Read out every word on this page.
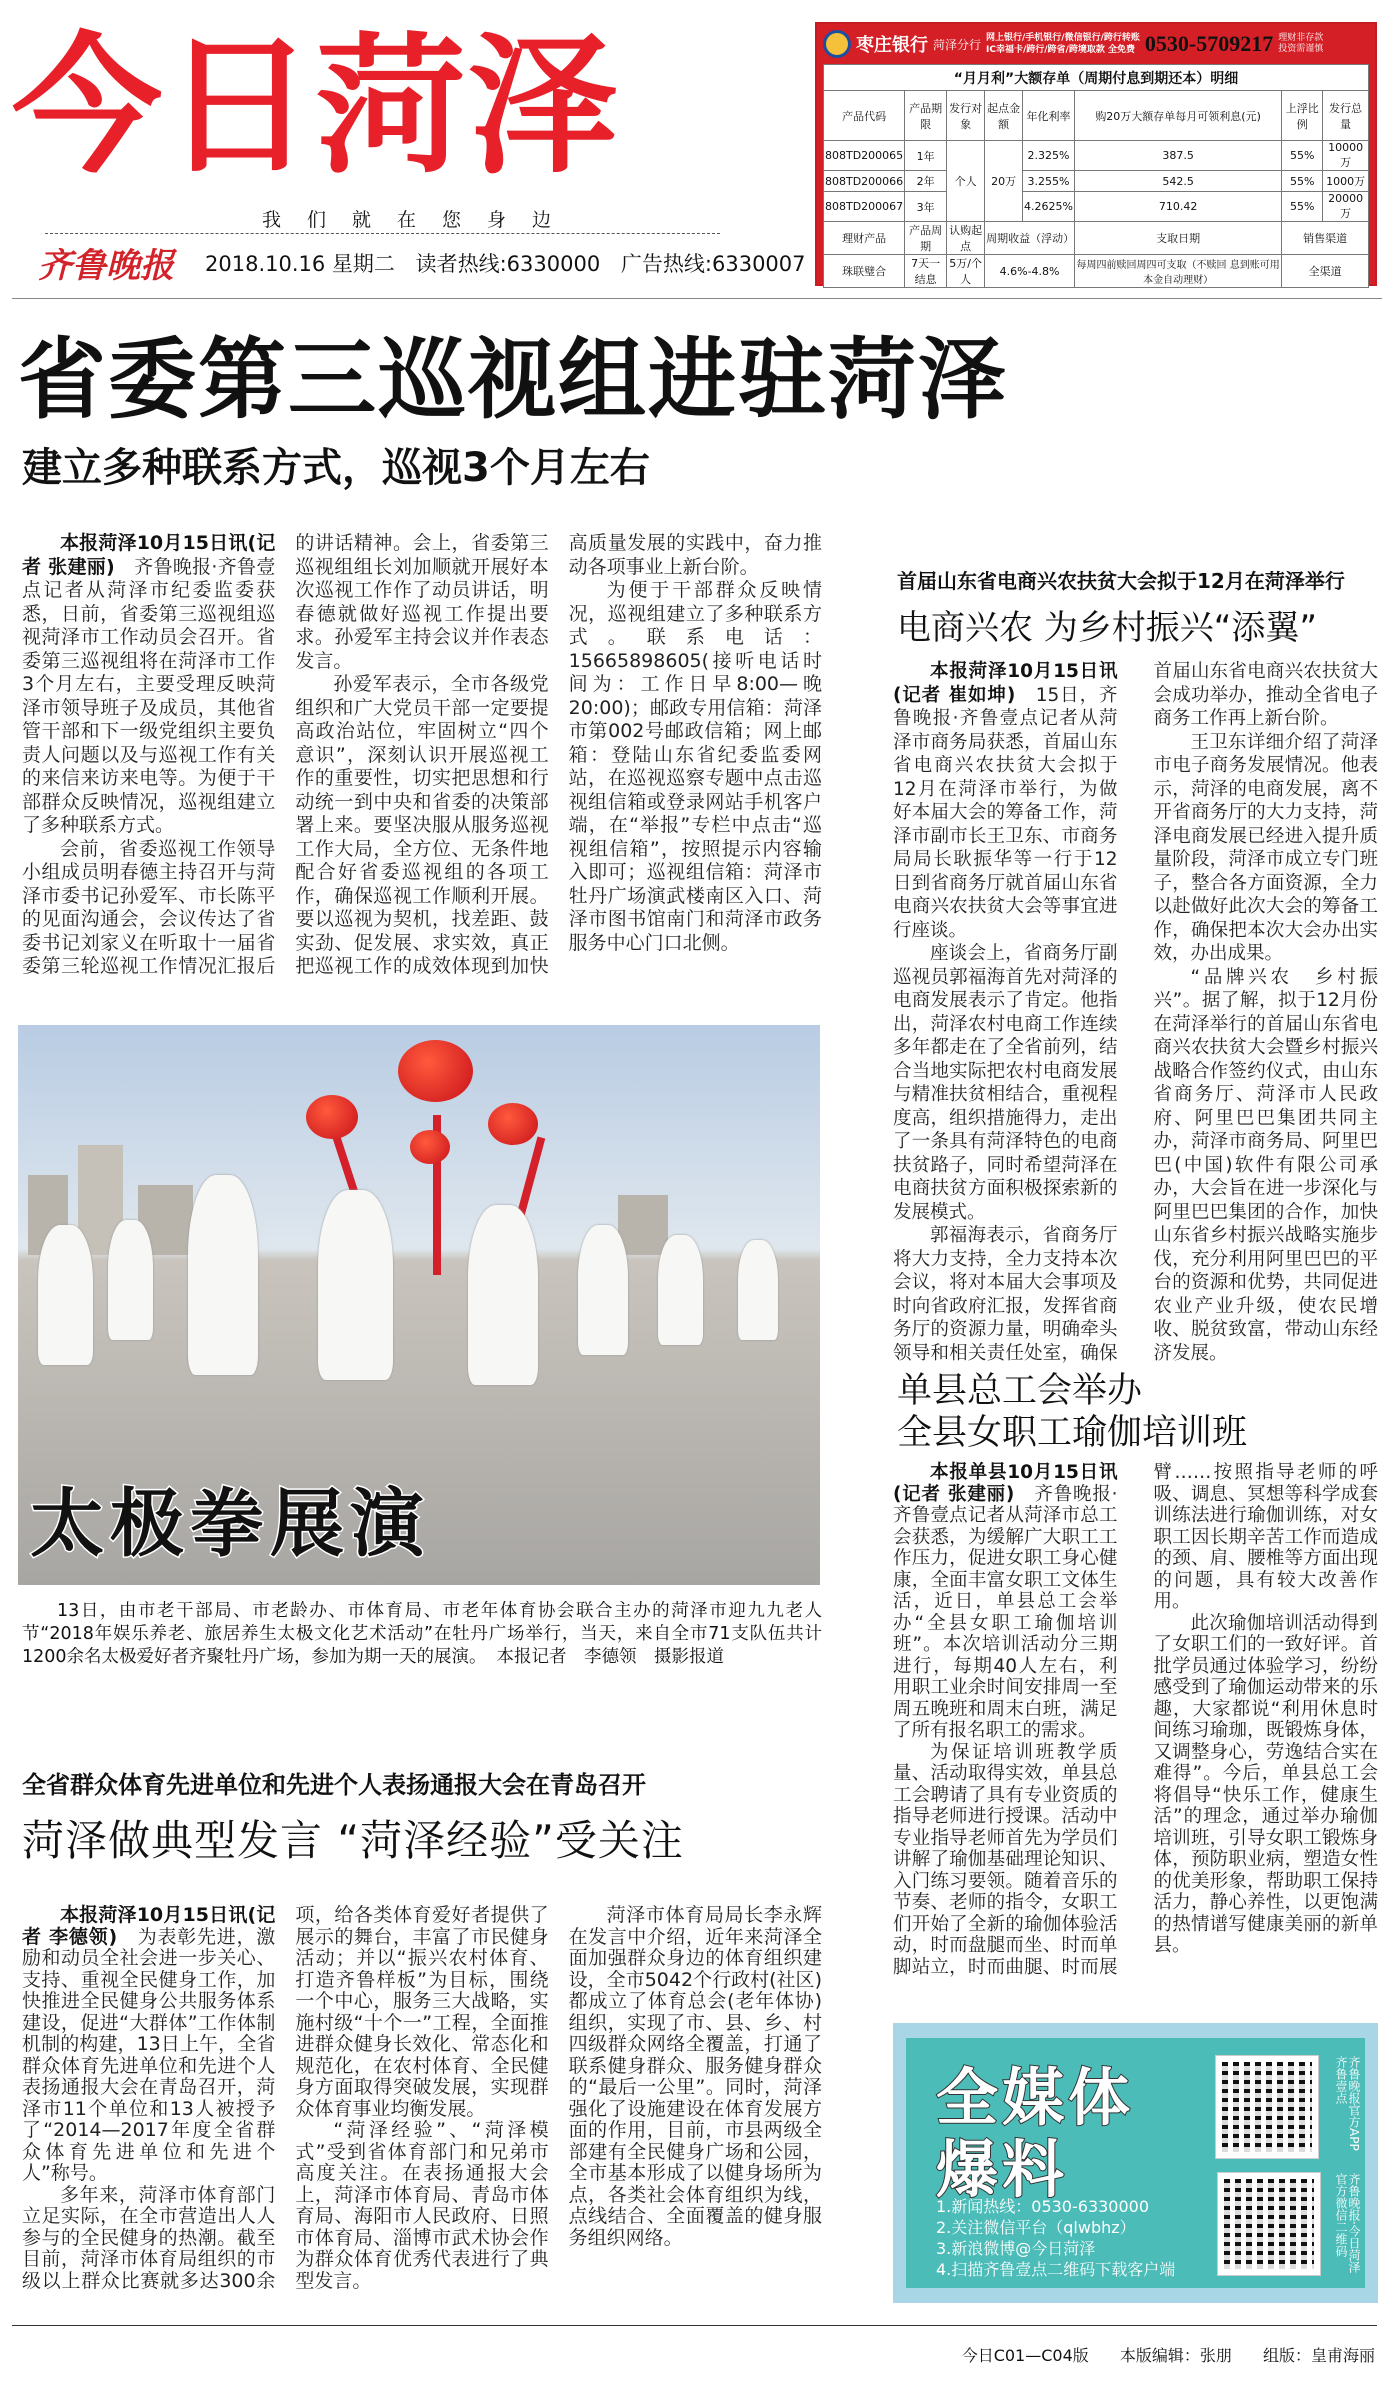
今日菏泽
我们就在您身边
齐鲁晚报 2018.10.16 星期二 读者热线:6330000 广告热线:6330007
枣庄银行 菏泽分行 网上银行/手机银行/微信银行/跨行转账
IC幸福卡/跨行/跨省/跨境取款 全免费 0530-5709217 理财非存款 投资需谨慎
“月月利”大额存单（周期付息到期还本）明细							
产品代码	产品期限	发行对象	起点金额	年化利率	购20万大额存单每月可领利息(元)	上浮比例	发行总量
808TD200065	1年	个人	20万	2.325%	387.5	55%	10000万
808TD200066	2年			3.255%	542.5	55%	1000万
808TD200067	3年			4.2625%	710.42	55%	20000万
理财产品	产品周期	认购起点	周期收益（浮动）		支取日期	销售渠道	
珠联璧合	7天一结息	5万/个人	4.6%-4.8%		每周四前赎回周四可支取（不赎回 息到账可用 本金自动理财）	全渠道	
省委第三巡视组进驻菏泽
建立多种联系方式，巡视3个月左右

本报菏泽10月15日讯(记者 张建丽)　 齐鲁晚报·齐鲁壹点记者从菏泽市纪委监委获悉，日前，省委第三巡视组巡视菏泽市工作动员会召开。省委第三巡视组将在菏泽市工作3个月左右，主要受理反映菏泽市领导班子及成员，其他省管干部和下一级党组织主要负责人问题以及与巡视工作有关的来信来访来电等。为便于干部群众反映情况，巡视组建立了多种联系方式。

会前，省委巡视工作领导小组成员明春德主持召开与菏泽市委书记孙爱军、市长陈平的见面沟通会，会议传达了省委书记刘家义在听取十一届省委第三轮巡视工作情况汇报后的讲话精神。会上，省委第三巡视组组长刘加顺就开展好本次巡视工作作了动员讲话，明春德就做好巡视工作提出要求。孙爱军主持会议并作表态发言。

孙爱军表示，全市各级党组织和广大党员干部一定要提高政治站位，牢固树立“四个意识”，深刻认识开展巡视工作的重要性，切实把思想和行动统一到中央和省委的决策部署上来。要坚决服从服务巡视工作大局，全方位、无条件地配合好省委巡视组的各项工作，确保巡视工作顺利开展。要以巡视为契机，找差距、鼓实劲、促发展、求实效，真正把巡视工作的成效体现到加快高质量发展的实践中，奋力推动各项事业上新台阶。

为便于干部群众反映情况，巡视组建立了多种联系方式。联系电话：15665898605(接听电话时间为：工作日早8:00—晚20:00)；邮政专用信箱：菏泽市第002号邮政信箱；网上邮箱：登陆山东省纪委监委网站，在巡视巡察专题中点击巡视组信箱或登录网站手机客户端，在“举报”专栏中点击“巡视组信箱”，按照提示内容输入即可；巡视组信箱：菏泽市牡丹广场演武楼南区入口、菏泽市图书馆南门和菏泽市政务服务中心门口北侧。

首届山东省电商兴农扶贫大会拟于12月在菏泽举行
电商兴农 为乡村振兴“添翼”

本报菏泽10月15日讯(记者 崔如坤)　 15日，齐鲁晚报·齐鲁壹点记者从菏泽市商务局获悉，首届山东省电商兴农扶贫大会拟于12月在菏泽市举行，为做好本届大会的筹备工作，菏泽市副市长王卫东、市商务局局长耿振华等一行于12日到省商务厅就首届山东省电商兴农扶贫大会等事宜进行座谈。

座谈会上，省商务厅副巡视员郭福海首先对菏泽的电商发展表示了肯定。他指出，菏泽农村电商工作连续多年都走在了全省前列，结合当地实际把农村电商发展与精准扶贫相结合，重视程度高，组织措施得力，走出了一条具有菏泽特色的电商扶贫路子，同时希望菏泽在电商扶贫方面积极探索新的发展模式。

郭福海表示，省商务厅将大力支持，全力支持本次会议，将对本届大会事项及时向省政府汇报，发挥省商务厅的资源力量，明确牵头领导和相关责任处室，确保首届山东省电商兴农扶贫大会成功举办，推动全省电子商务工作再上新台阶。

王卫东详细介绍了菏泽市电子商务发展情况。他表示，菏泽的电商发展，离不开省商务厅的大力支持，菏泽电商发展已经进入提升质量阶段，菏泽市成立专门班子，整合各方面资源，全力以赴做好此次大会的筹备工作，确保把本次大会办出实效，办出成果。

“品牌兴农　乡村振兴”。据了解，拟于12月份在菏泽举行的首届山东省电商兴农扶贫大会暨乡村振兴战略合作签约仪式，由山东省商务厅、菏泽市人民政府、阿里巴巴集团共同主办，菏泽市商务局、阿里巴巴(中国)软件有限公司承办，大会旨在进一步深化与阿里巴巴集团的合作，加快山东省乡村振兴战略实施步伐，充分利用阿里巴巴的平台的资源和优势，共同促进农业产业升级，使农民增收、脱贫致富，带动山东经济发展。

太极拳展演
13日，由市老干部局、市老龄办、市体育局、市老年体育协会联合主办的菏泽市迎九九老人节“2018年娱乐养老、旅居养生太极文化艺术活动”在牡丹广场举行，当天，来自全市71支队伍共计1200余名太极爱好者齐聚牡丹广场，参加为期一天的展演。 本报记者　李德领　摄影报道
单县总工会举办
全县女职工瑜伽培训班

本报单县10月15日讯(记者 张建丽)　 齐鲁晚报·齐鲁壹点记者从菏泽市总工会获悉，为缓解广大职工工作压力，促进女职工身心健康，全面丰富女职工文体生活，近日，单县总工会举办“全县女职工瑜伽培训班”。本次培训活动分三期进行，每期40人左右，利用职工业余时间安排周一至周五晚班和周末白班，满足了所有报名职工的需求。

为保证培训班教学质量、活动取得实效，单县总工会聘请了具有专业资质的指导老师进行授课。活动中专业指导老师首先为学员们讲解了瑜伽基础理论知识、入门练习要领。随着音乐的节奏、老师的指令，女职工们开始了全新的瑜伽体验活动，时而盘腿而坐、时而单脚站立，时而曲腿、时而展臂……按照指导老师的呼吸、调息、冥想等科学成套训练法进行瑜伽训练，对女职工因长期辛苦工作而造成的颈、肩、腰椎等方面出现的问题，具有较大改善作用。

此次瑜伽培训活动得到了女职工们的一致好评。首批学员通过体验学习，纷纷感受到了瑜伽运动带来的乐趣，大家都说“利用休息时间练习瑜珈，既锻炼身体，又调整身心，劳逸结合实在难得”。今后，单县总工会将倡导“快乐工作，健康生活”的理念，通过举办瑜伽培训班，引导女职工锻炼身体，预防职业病，塑造女性的优美形象，帮助职工保持活力，静心养性，以更饱满的热情谱写健康美丽的新单县。

全省群众体育先进单位和先进个人表扬通报大会在青岛召开
菏泽做典型发言 “菏泽经验”受关注

本报菏泽10月15日讯(记者 李德领)　 为表彰先进，激励和动员全社会进一步关心、支持、重视全民健身工作，加快推进全民健身公共服务体系建设，促进“大群体”工作体制机制的构建，13日上午，全省群众体育先进单位和先进个人表扬通报大会在青岛召开，菏泽市11个单位和13人被授予了“2014—2017年度全省群众体育先进单位和先进个人”称号。

多年来，菏泽市体育部门立足实际，在全市营造出人人参与的全民健身的热潮。截至目前，菏泽市体育局组织的市级以上群众比赛就多达300余项，给各类体育爱好者提供了展示的舞台，丰富了市民健身活动；并以“振兴农村体育、打造齐鲁样板”为目标，围绕一个中心，服务三大战略，实施村级“十个一”工程，全面推进群众健身长效化、常态化和规范化，在农村体育、全民健身方面取得突破发展，实现群众体育事业均衡发展。

“菏泽经验”、“菏泽模式”受到省体育部门和兄弟市高度关注。在表扬通报大会上，菏泽市体育局、青岛市体育局、海阳市人民政府、日照市体育局、淄博市武术协会作为群众体育优秀代表进行了典型发言。

菏泽市体育局局长李永辉在发言中介绍，近年来菏泽全面加强群众身边的体育组织建设，全市5042个行政村(社区)都成立了体育总会(老年体协)组织，实现了市、县、乡、村四级群众网络全覆盖，打通了联系健身群众、服务健身群众的“最后一公里”。同时，菏泽强化了设施建设在体育发展方面的作用，目前，市县两级全部建有全民健身广场和公园，全市基本形成了以健身场所为点，各类社会体育组织为线，点线结合、全面覆盖的健身服务组织网络。

全媒体
爆料
1.新闻热线：0530-6330000
2.关注微信平台（qlwbhz）
3.新浪微博@今日菏泽
4.扫描齐鲁壹点二维码下载客户端
齐鲁晚报官方APP 齐鲁壹点
齐鲁晚报·今日菏泽 官方微信二维码
今日C01—C04版 本版编辑：张朋 组版：皇甫海丽
